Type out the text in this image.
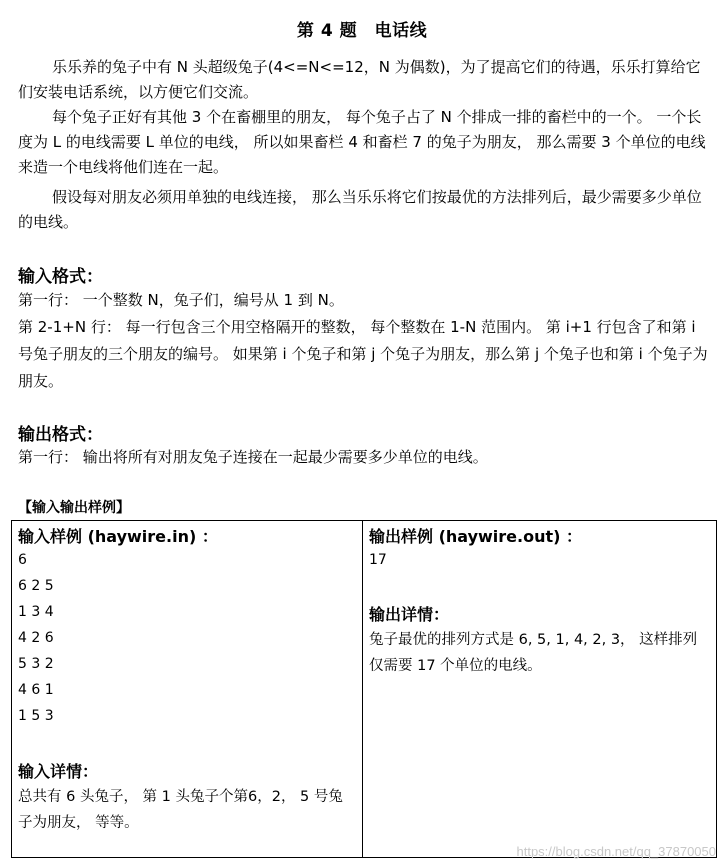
第 4 题　电话线

乐乐养的兔子中有 N 头超级兔子(4<=N<=12，N 为偶数)，为了提高它们的待遇，乐乐打算给它们安装电话系统，以方便它们交流。

每个兔子正好有其他 3 个在畜棚里的朋友， 每个兔子占了 N 个排成一排的畜栏中的一个。 一个长度为 L 的电线需要 L 单位的电线， 所以如果畜栏 4 和畜栏 7 的兔子为朋友， 那么需要 3 个单位的电线来造一个电线将他们连在一起。

假设每对朋友必须用单独的电线连接， 那么当乐乐将它们按最优的方法排列后，最少需要多少单位的电线。

输入格式：

第一行： 一个整数 N，兔子们，编号从 1 到 N。

第 2-1+N 行： 每一行包含三个用空格隔开的整数， 每个整数在 1-N 范围内。 第 i+1 行包含了和第 i 号兔子朋友的三个朋友的编号。 如果第 i 个兔子和第 j 个兔子为朋友，那么第 j 个兔子也和第 i 个兔子为朋友。

输出格式：

第一行： 输出将所有对朋友兔子连接在一起最少需要多少单位的电线。

【输入输出样例】

输入样例 (haywire.in) ：
6
6 2 5
1 3 4
4 2 6
5 3 2
4 6 1
1 5 3
输入详情：
总共有 6 头兔子， 第 1 头兔子个第6，2， 5 号兔子为朋友， 等等。
输出样例 (haywire.out) ：
17
输出详情：
兔子最优的排列方式是 6, 5, 1, 4, 2, 3， 这样排列仅需要 17 个单位的电线。
https://blog.csdn.net/qq_37870050
